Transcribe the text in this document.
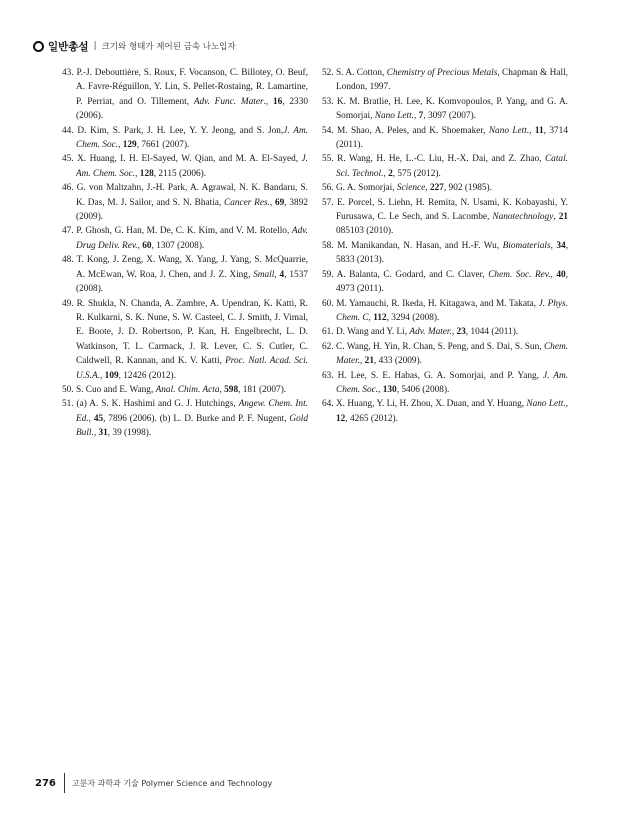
일반총설 | 크기와 형태가 제어된 금속 나노입자

43. P.-J. Debouttière, S. Roux, F. Vocanson, C. Billotey, O. Beuf, A. Favre-Réguillon, Y. Lin, S. Pellet-Rostaing, R. Lamartine, P. Perriat, and O. Tillement, Adv. Func. Mater., 16, 2330 (2006).

44. D. Kim, S. Park, J. H. Lee, Y. Y. Jeong, and S. Jon,J. Am. Chem. Soc., 129, 7661 (2007).

45. X. Huang, I. H. El-Sayed, W. Qian, and M. A. El-Sayed, J. Am. Chem. Soc., 128, 2115 (2006).

46. G. von Maltzahn, J.-H. Park, A. Agrawal, N. K. Bandaru, S. K. Das, M. J. Sailor, and S. N. Bhatia, Cancer Res., 69, 3892 (2009).

47. P. Ghosh, G. Han, M. De, C. K. Kim, and V. M. Rotello, Adv. Drug Deliv. Rev., 60, 1307 (2008).

48. T. Kong, J. Zeng, X. Wang, X. Yang, J. Yang, S. McQuarrie, A. McEwan, W. Roa, J. Chen, and J. Z. Xing, Small, 4, 1537 (2008).

49. R. Shukla, N. Chanda, A. Zambre, A. Upendran, K. Katti, R. R. Kulkarni, S. K. Nune, S. W. Casteel, C. J. Smith, J. Vimal, E. Boote, J. D. Robertson, P. Kan, H. Engelbrecht, L. D. Watkinson, T. L. Carmack, J. R. Lever, C. S. Cutler, C. Caldwell, R. Kannan, and K. V. Katti, Proc. Natl. Acad. Sci. U.S.A., 109, 12426 (2012).

50. S. Cuo and E. Wang, Anal. Chim. Acta, 598, 181 (2007).

51. (a) A. S. K. Hashimi and G. J. Hutchings, Angew. Chem. Int. Ed., 45, 7896 (2006). (b) L. D. Burke and P. F. Nugent, Gold Bull., 31, 39 (1998).

52. S. A. Cotton, Chemistry of Precious Metals, Chapman & Hall, London, 1997.

53. K. M. Bratlie, H. Lee, K. Komvopoulos, P. Yang, and G. A. Somorjai, Nano Lett., 7, 3097 (2007).

54. M. Shao, A. Peles, and K. Shoemaker, Nano Lett., 11, 3714 (2011).

55. R. Wang, H. He, L.-C. Liu, H.-X. Dai, and Z. Zhao, Catal. Sci. Technol., 2, 575 (2012).

56. G. A. Somorjai, Science, 227, 902 (1985).

57. E. Porcel, S. Liehn, H. Remita, N. Usami, K. Kobayashi, Y. Furusawa, C. Le Sech, and S. Lacombe, Nanotechnology, 21 085103 (2010).

58. M. Manikandan, N. Hasan, and H.-F. Wu, Biomaterials, 34, 5833 (2013).

59. A. Balanta, C. Godard, and C. Claver, Chem. Soc. Rev., 40, 4973 (2011).

60. M. Yamauchi, R. Ikeda, H. Kitagawa, and M. Takata, J. Phys. Chem. C, 112, 3294 (2008).

61. D. Wang and Y. Li, Adv. Mater., 23, 1044 (2011).

62. C. Wang, H. Yin, R. Chan, S. Peng, and S. Dai, S. Sun, Chem. Mater., 21, 433 (2009).

63. H. Lee, S. E. Habas, G. A. Somorjai, and P. Yang, J. Am. Chem. Soc., 130, 5406 (2008).

64. X. Huang, Y. Li, H. Zhou, X. Duan, and Y. Huang, Nano Lett., 12, 4265 (2012).

276 고분자 과학과 기술 Polymer Science and Technology
